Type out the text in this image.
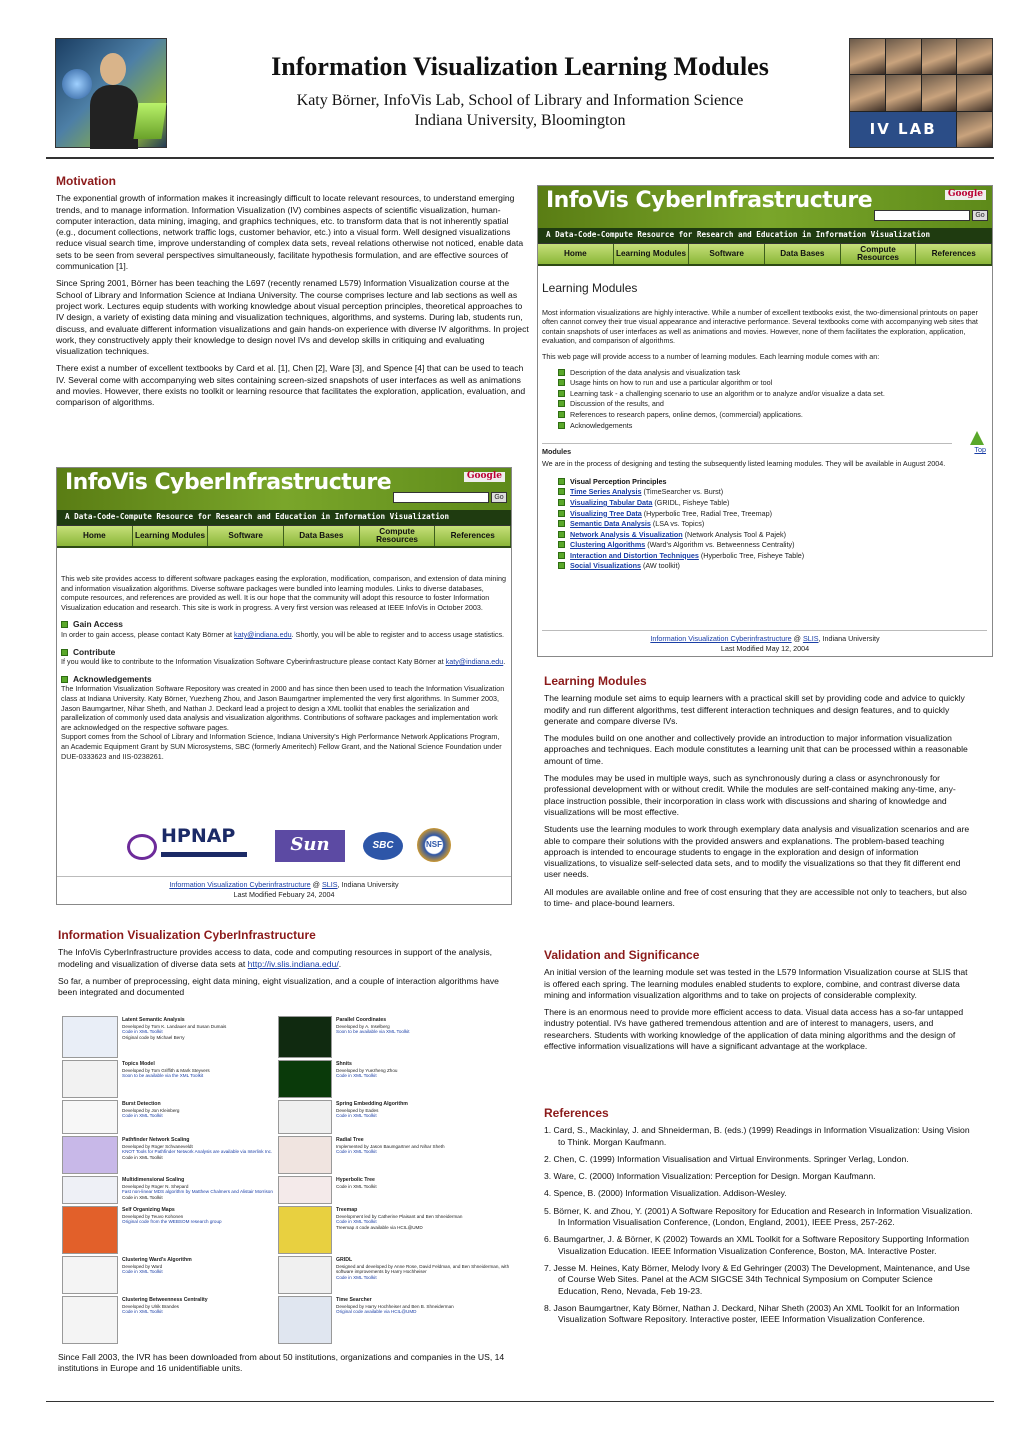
Information Visualization Learning Modules
Katy Börner, InfoVis Lab, School of Library and Information Science
Indiana University, Bloomington	IV LAB
Motivation

The exponential growth of information makes it increasingly difficult to locate relevant resources, to understand emerging trends, and to manage information. Information Visualization (IV) combines aspects of scientific visualization, human-computer interaction, data mining, imaging, and graphics techniques, etc. to transform data that is not inherently spatial (e.g., document collections, network traffic logs, customer behavior, etc.) into a visual form. Well designed visualizations reduce visual search time, improve understanding of complex data sets, reveal relations otherwise not noticed, enable data sets to be seen from several perspectives simultaneously, facilitate hypothesis formulation, and are effective sources of communication [1].

Since Spring 2001, Börner has been teaching the L697 (recently renamed L579) Information Visualization course at the School of Library and Information Science at Indiana University. The course comprises lecture and lab sections as well as project work. Lectures equip students with working knowledge about visual perception principles, theoretical approaches to IV design, a variety of existing data mining and visualization techniques, algorithms, and systems. During lab, students run, discuss, and evaluate different information visualizations and gain hands-on experience with diverse IV algorithms. In project work, they constructively apply their knowledge to design novel IVs and develop skills in critiquing and evaluating visualization techniques.

There exist a number of excellent textbooks by Card et al. [1], Chen [2], Ware [3], and Spence [4] that can be used to teach IV. Several come with accompanying web sites containing screen-sized snapshots of user interfaces as well as animations and movies. However, there exists no toolkit or learning resource that facilitates the exploration, application, evaluation, and comparison of algorithms.

InfoVis CyberInfrastructure	Google
Go
A Data-Code-Compute Resource for Research and Education in Information Visualization
Home	Learning Modules	Software	Data Bases	Compute Resources	References

This web site provides access to different software packages easing the exploration, modification, comparison, and extension of data mining and information visualization algorithms. Diverse software packages were bundled into learning modules. Links to diverse databases, compute resources, and references are provided as well. It is our hope that the community will adopt this resource to foster Information Visualization education and research. This site is work in progress. A very first version was released at IEEE InfoVis in October 2003.

Gain Access

In order to gain access, please contact Katy Börner at katy@indiana.edu. Shortly, you will be able to register and to access usage statistics.

Contribute

If you would like to contribute to the Information Visualization Software Cyberinfrastructure please contact Katy Börner at katy@indiana.edu.

Acknowledgements

The Information Visualization Software Repository was created in 2000 and has since then been used to teach the Information Visualization class at Indiana University. Katy Börner, Yuezheng Zhou, and Jason Baumgartner implemented the very first algorithms. In Summer 2003, Jason Baumgartner, Nihar Sheth, and Nathan J. Deckard lead a project to design a XML toolkit that enables the serialization and parallelization of commonly used data analysis and visualization algorithms. Contributions of software packages and implementation work are acknowledged on the respective software pages.

Support comes from the School of Library and Information Science, Indiana University's High Performance Network Applications Program, an Academic Equipment Grant by SUN Microsystems, SBC (formerly Ameritech) Fellow Grant, and the National Science Foundation under DUE-0333623 and IIS-0238261.

HPNAP	Sun	SBC	NSF
Information Visualization Cyberinfrastructure @ SLIS, Indiana University
Last Modified Febuary 24, 2004
InfoVis CyberInfrastructure	Google
Go
A Data-Code-Compute Resource for Research and Education in Information Visualization
Home	Learning Modules	Software	Data Bases	Compute Resources	References
Learning Modules

Most information visualizations are highly interactive. While a number of excellent textbooks exist, the two-dimensional printouts on paper often cannot convey their true visual appearance and interactive performance. Several textbooks come with accompanying web sites that contain snapshots of user interfaces as well as animations and movies. However, none of them facilitates the exploration, application, evaluation, and comparison of algorithms.

This web page will provide access to a number of learning modules. Each learning module comes with an:

Description of the data analysis and visualization task
Usage hints on how to run and use a particular algorithm or tool
Learning task - a challenging scenario to use an algorithm or to analyze and/or visualize a data set.
Discussion of the results, and
References to research papers, online demos, (commercial) applications.
Acknowledgements
Top
Modules

We are in the process of designing and testing the subsequently listed learning modules. They will be available in August 2004.

Visual Perception Principles
Time Series Analysis (TimeSearcher vs. Burst)
Visualizing Tabular Data (GRIDL, Fisheye Table)
Visualizing Tree Data (Hyperbolic Tree, Radial Tree, Treemap)
Semantic Data Analysis (LSA vs. Topics)
Network Analysis & Visualization (Network Analysis Tool & Pajek)
Clustering Algorithms (Ward's Algorithm vs. Betweenness Centrality)
Interaction and Distortion Techniques (Hyperbolic Tree, Fisheye Table)
Social Visualizations (AW toolkit)
Information Visualization Cyberinfrastructure @ SLIS, Indiana University
Last Modified May 12, 2004
Learning Modules

The learning module set aims to equip learners with a practical skill set by providing code and advice to quickly modify and run different algorithms, test different interaction techniques and design features, and to quickly generate and compare diverse IVs.

The modules build on one another and collectively provide an introduction to major information visualization approaches and techniques. Each module constitutes a learning unit that can be processed within a reasonable amount of time.

The modules may be used in multiple ways, such as synchronously during a class or asynchronously for professional development with or without credit. While the modules are self-contained making any-time, any-place instruction possible, their incorporation in class work with discussions and sharing of knowledge and visualizations will be most effective.

Students use the learning modules to work through exemplary data analysis and visualization scenarios and are able to compare their solutions with the provided answers and explanations. The problem-based teaching approach is intended to encourage students to engage in the exploration and design of information visualizations, to visualize self-selected data sets, and to modify the visualizations so that they fit different end user needs.

All modules are available online and free of cost ensuring that they are accessible not only to teachers, but also to time- and place-bound learners.

Information Visualization CyberInfrastructure

The InfoVis CyberInfrastructure provides access to data, code and computing resources in support of the analysis, modeling and visualization of diverse data sets at http://iv.slis.indiana.edu/.

So far, a number of preprocessing, eight data mining, eight visualization, and a couple of interaction algorithms have been integrated and documented

Latent Semantic Analysis
Developed by Tom K. Landauer and Susan Dumais
Code in XML Toolkit
Original code by Michael Berry
Topics Model
Developed by Tom Griffith & Mark Steyvers
Soon to be available via the XML Toolkit
Burst Detection
Developed by Jon Kleinberg
Code in XML Toolkit
Pathfinder Network Scaling
Developed by Roger Schvaneveldt
KNOT Tools for Pathfinder Network Analysis are available via Interlink Inc.
Code in XML Toolkit
Multidimensional Scaling
Developed by Roger N. Shepard
Fast non-linear MDS algorithm by Matthew Chalmers and Alistair Morrison
Code in XML Toolkit
Self Organizing Maps
Developed by Teuvo Kohonen
Original code from the WEBSOM research group
Clustering Ward's Algorithm
Developed by Ward
Code in XML Toolkit
Clustering Betweenness Centrality
Developed by Ulrik Brandes
Code in XML Toolkit
Parallel Coordinates
Developed by A. Inselberg
Soon to be available via XML Toolkit
Shnits
Developed by Yuezheng Zhou
Code in XML Toolkit
Spring Embedding Algorithm
Developed by Eades
Code in XML Toolkit
Radial Tree
Implemented by Jason Baumgartner and Nihar Sheth
Code in XML Toolkit
Hyperbolic Tree
Code in XML Toolkit
Treemap
Development led by Catherine Plaisant and Ben Shneiderman
Code in XML Toolkit
Treemap 4 code available via HCIL@UMD
GRIDL
Designed and developed by Anne Rose, David Feldman, and Ben Shneiderman, with software improvements by Harry Hochheiser
Code in XML Toolkit
Time Searcher
Developed by Harry Hochheiser and Ben B. Shneiderman
Original code available via HCIL@UMD

Since Fall 2003, the IVR has been downloaded from about 50 institutions, organizations and companies in the US, 14 institutions in Europe and 16 unidentifiable units.

Validation and Significance

An initial version of the learning module set was tested in the L579 Information Visualization course at SLIS that is offered each spring. The learning modules enabled students to explore, combine, and contrast diverse data mining and information visualization algorithms and to take on projects of considerable complexity.

There is an enormous need to provide more efficient access to data. Visual data access has a so-far untapped industry potential. IVs have gathered tremendous attention and are of interest to managers, users, and researchers. Students with working knowledge of the application of data mining algorithms and the design of effective information visualizations will have a significant advantage at the workplace.

References
1. Card, S., Mackinlay, J. and Shneiderman, B. (eds.) (1999) Readings in Information Visualization: Using Vision to Think. Morgan Kaufmann.
2. Chen, C. (1999) Information Visualisation and Virtual Environments. Springer Verlag, London.
3. Ware, C. (2000) Information Visualization: Perception for Design. Morgan Kaufmann.
4. Spence, B. (2000) Information Visualization. Addison-Wesley.
5. Börner, K. and Zhou, Y. (2001) A Software Repository for Education and Research in Information Visualization. In Information Visualisation Conference, (London, England, 2001), IEEE Press, 257-262.
6. Baumgartner, J. & Börner, K (2002) Towards an XML Toolkit for a Software Repository Supporting Information Visualization Education. IEEE Information Visualization Conference, Boston, MA. Interactive Poster.
7. Jesse M. Heines, Katy Börner, Melody Ivory & Ed Gehringer (2003) The Development, Maintenance, and Use of Course Web Sites. Panel at the ACM SIGCSE 34th Technical Symposium on Computer Science Education, Reno, Nevada, Feb 19-23.
8. Jason Baumgartner, Katy Börner, Nathan J. Deckard, Nihar Sheth (2003) An XML Toolkit for an Information Visualization Software Repository. Interactive poster, IEEE Information Visualization Conference.
